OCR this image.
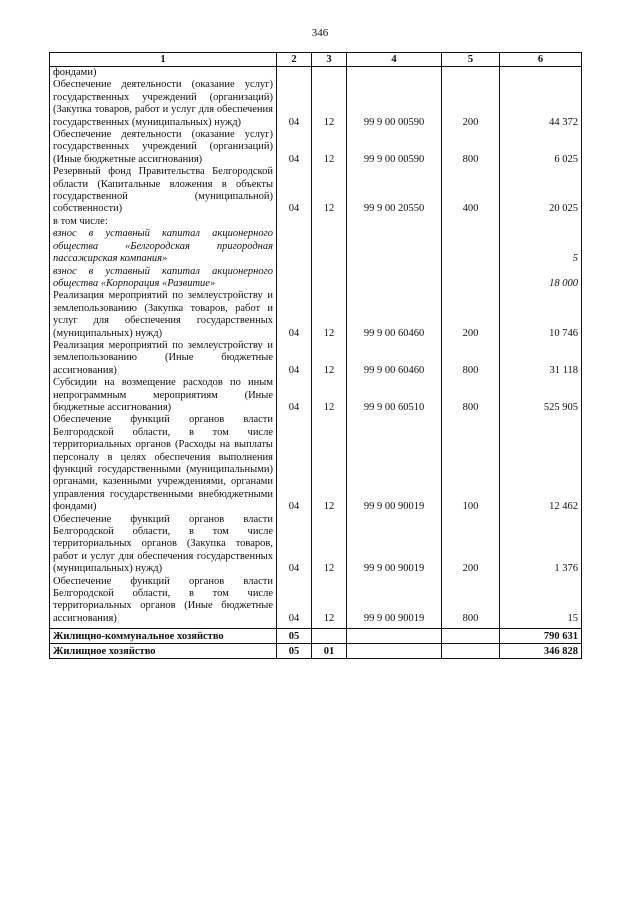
346
1	2	3	4	5	6
фондами)					
Обеспечение деятельности (оказание услуг) государственных учреждений (организаций) (Закупка товаров, работ и услуг для обеспечения государственных (муниципальных) нужд)	04	12	99 9 00 00590	200	44 372
Обеспечение деятельности (оказание услуг) государственных учреждений (организаций) (Иные бюджетные ассигнования)	04	12	99 9 00 00590	800	6 025
Резервный фонд Правительства Белгородской области (Капитальные вложения в объекты государственной (муниципальной) собственности)	04	12	99 9 00 20550	400	20 025
в том числе:					
взнос в уставный капитал акционерного общества «Белгородская пригородная пассажирская компания»					5
взнос в уставный капитал акционерного общества «Корпорация «Развитие»					18 000
Реализация мероприятий по землеустройству и землепользованию (Закупка товаров, работ и услуг для обеспечения государственных (муниципальных) нужд)	04	12	99 9 00 60460	200	10 746
Реализация мероприятий по землеустройству и землепользованию (Иные бюджетные ассигнования)	04	12	99 9 00 60460	800	31 118
Субсидии на возмещение расходов по иным непрограммным мероприятиям (Иные бюджетные ассигнования)	04	12	99 9 00 60510	800	525 905
Обеспечение функций органов власти Белгородской области, в том числе территориальных органов (Расходы на выплаты персоналу в целях обеспечения выполнения функций государственными (муниципальными) органами, казенными учреждениями, органами управления государственными внебюджетными фондами)	04	12	99 9 00 90019	100	12 462
Обеспечение функций органов власти Белгородской области, в том числе территориальных органов (Закупка товаров, работ и услуг для обеспечения государственных (муниципальных) нужд)	04	12	99 9 00 90019	200	1 376
Обеспечение функций органов власти Белгородской области, в том числе территориальных органов (Иные бюджетные ассигнования)	04	12	99 9 00 90019	800	15

Жилищно-коммунальное хозяйство	05				790 631
Жилищное хозяйство	05	01			346 828
